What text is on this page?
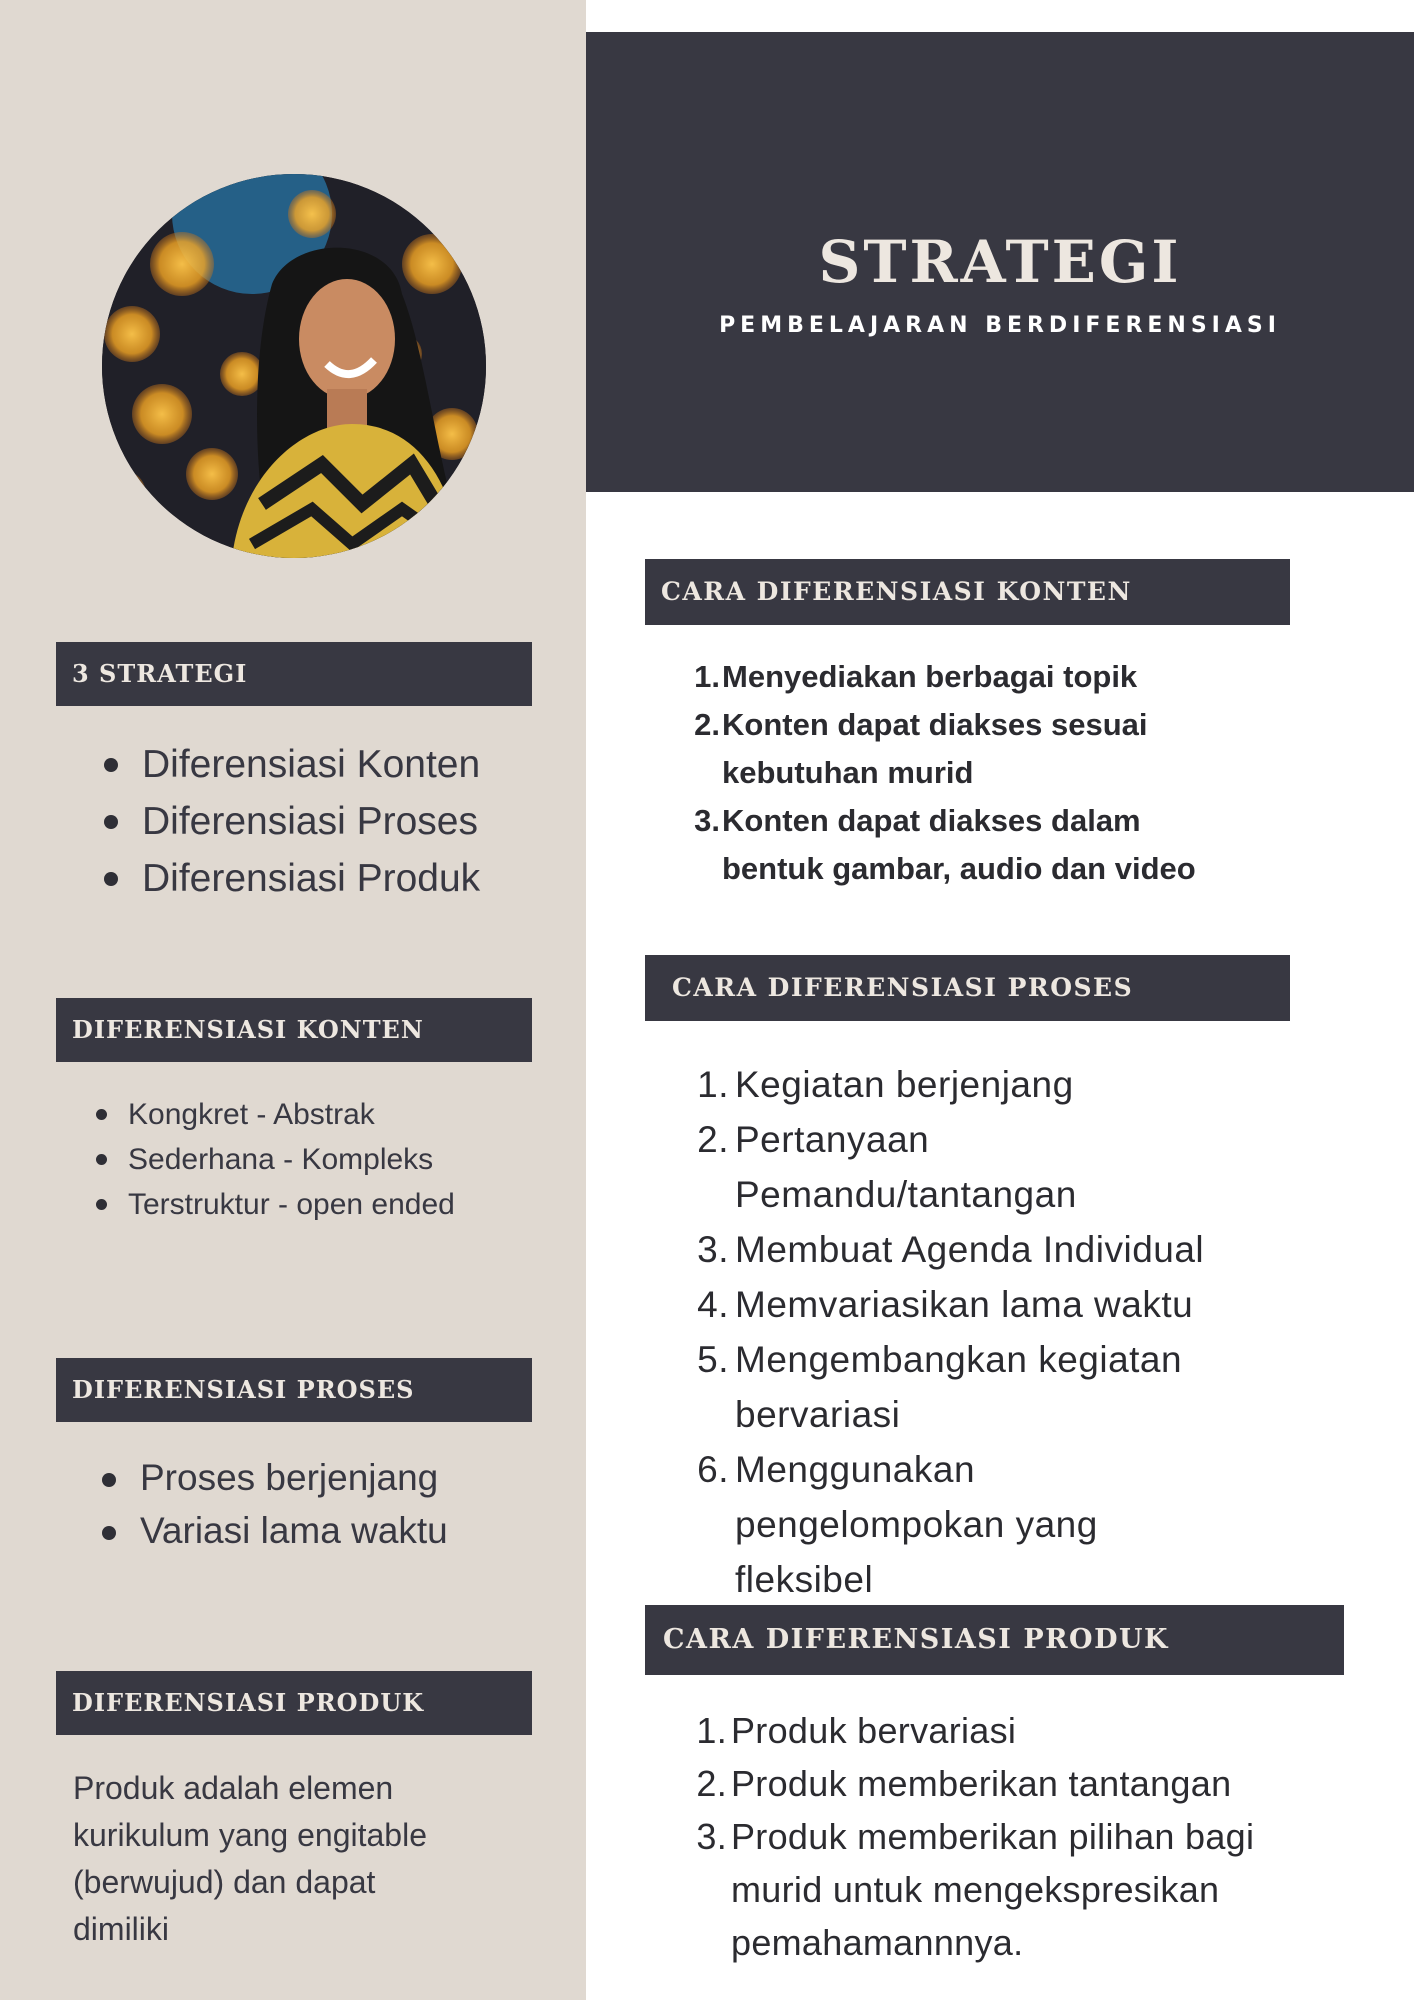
STRATEGI
PEMBELAJARAN BERDIFERENSIASI
3 STRATEGI
Diferensiasi Konten
Diferensiasi Proses
Diferensiasi Produk
DIFERENSIASI KONTEN
Kongkret - Abstrak
Sederhana - Kompleks
Terstruktur - open ended
DIFERENSIASI PROSES
Proses berjenjang
Variasi lama waktu
DIFERENSIASI PRODUK
Produk adalah elemen
kurikulum yang engitable
(berwujud) dan dapat
dimiliki
CARA DIFERENSIASI KONTEN
1. Menyediakan berbagai topik
2. Konten dapat diakses sesuai
kebutuhan murid
3. Konten dapat diakses dalam
bentuk gambar, audio dan video
CARA DIFERENSIASI PROSES
1. Kegiatan berjenjang
2. Pertanyaan
Pemandu/tantangan
3. Membuat Agenda Individual
4. Memvariasikan lama waktu
5. Mengembangkan kegiatan
bervariasi
6. Menggunakan
pengelompokan yang
fleksibel
CARA DIFERENSIASI PRODUK
1. Produk bervariasi
2. Produk memberikan tantangan
3. Produk memberikan pilihan bagi
murid untuk mengekspresikan
pemahamannnya.
